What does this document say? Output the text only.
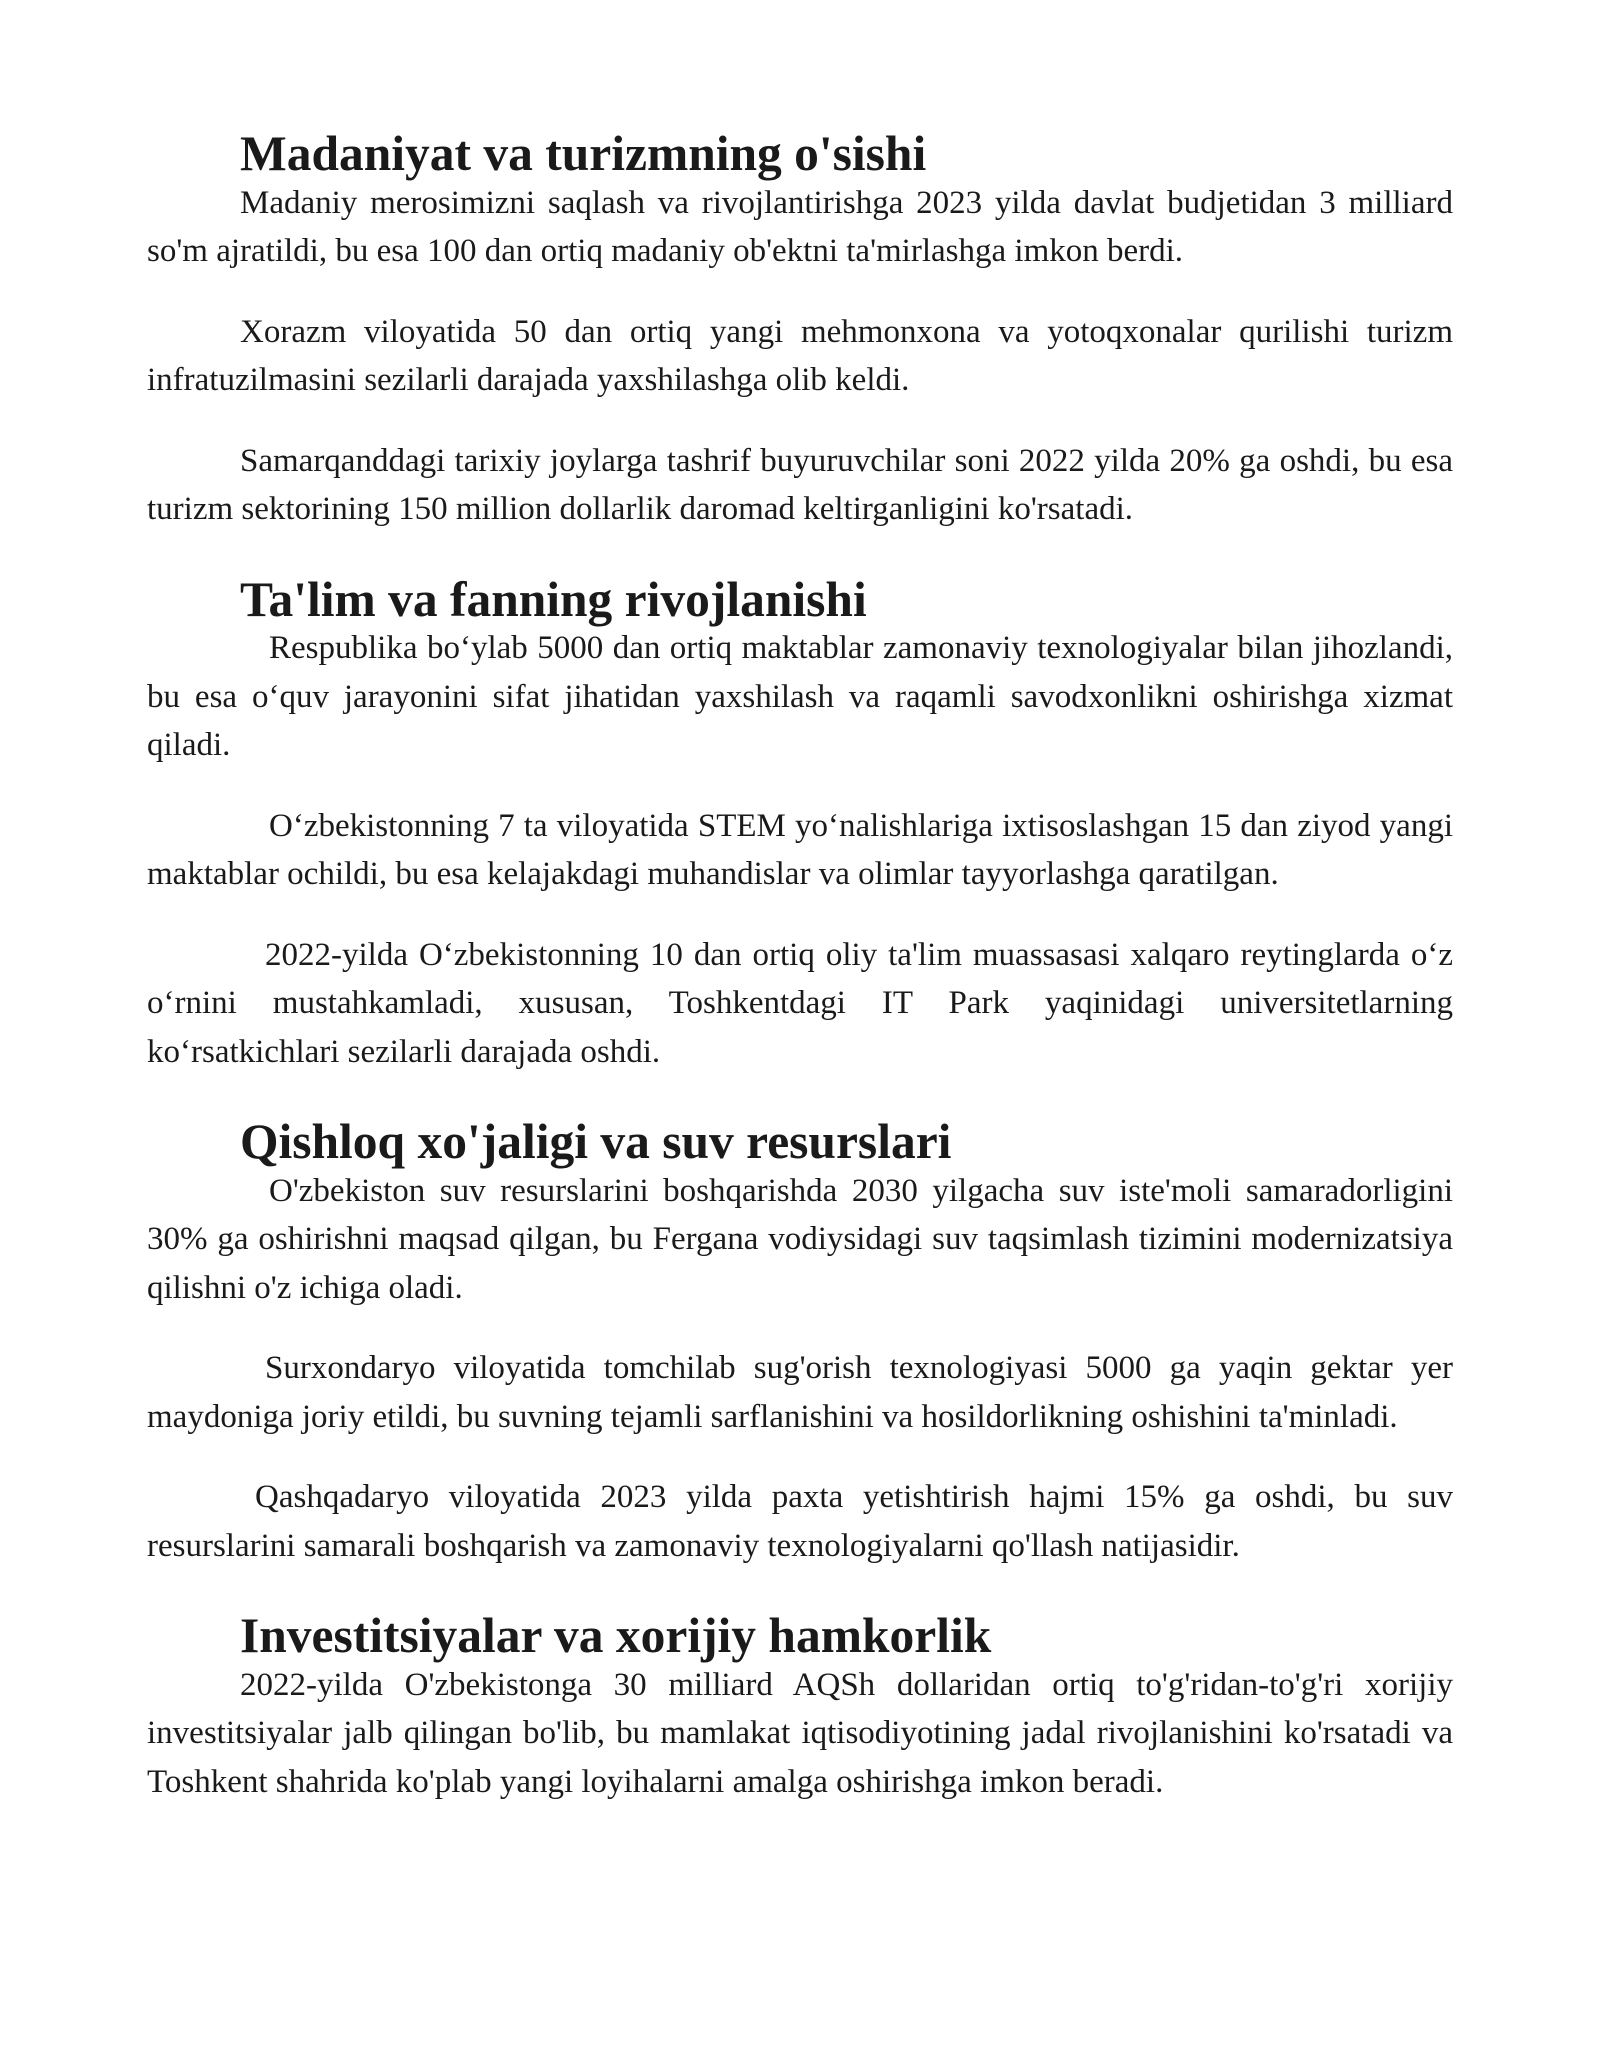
Madaniyat va turizmning o'sishi

Madaniy merosimizni saqlash va rivojlantirishga 2023 yilda davlat budjetidan 3 milliard so'm ajratildi, bu esa 100 dan ortiq madaniy ob'ektni ta'mirlashga imkon berdi.

Xorazm viloyatida 50 dan ortiq yangi mehmonxona va yotoqxonalar qurilishi turizm infratuzilmasini sezilarli darajada yaxshilashga olib keldi.

Samarqanddagi tarixiy joylarga tashrif buyuruvchilar soni 2022 yilda 20% ga oshdi, bu esa turizm sektorining 150 million dollarlik daromad keltirganligini ko'rsatadi.

Ta'lim va fanning rivojlanishi

Respublika bo‘ylab 5000 dan ortiq maktablar zamonaviy texnologiyalar bilan jihozlandi, bu esa o‘quv jarayonini sifat jihatidan yaxshilash va raqamli savodxonlikni oshirishga xizmat qiladi.

O‘zbekistonning 7 ta viloyatida STEM yo‘nalishlariga ixtisoslashgan 15 dan ziyod yangi maktablar ochildi, bu esa kelajakdagi muhandislar va olimlar tayyorlashga qaratilgan.

2022-yilda O‘zbekistonning 10 dan ortiq oliy ta'lim muassasasi xalqaro reytinglarda o‘z o‘rnini mustahkamladi, xususan, Toshkentdagi IT Park yaqinidagi universitetlarning ko‘rsatkichlari sezilarli darajada oshdi.

Qishloq xo'jaligi va suv resurslari

O'zbekiston suv resurslarini boshqarishda 2030 yilgacha suv iste'moli samaradorligini 30% ga oshirishni maqsad qilgan, bu Fergana vodiysidagi suv taqsimlash tizimini modernizatsiya qilishni o'z ichiga oladi.

Surxondaryo viloyatida tomchilab sug'orish texnologiyasi 5000 ga yaqin gektar yer maydoniga joriy etildi, bu suvning tejamli sarflanishini va hosildorlikning oshishini ta'minladi.

Qashqadaryo viloyatida 2023 yilda paxta yetishtirish hajmi 15% ga oshdi, bu suv resurslarini samarali boshqarish va zamonaviy texnologiyalarni qo'llash natijasidir.

Investitsiyalar va xorijiy hamkorlik

2022-yilda O'zbekistonga 30 milliard AQSh dollaridan ortiq to'g'ridan-to'g'ri xorijiy investitsiyalar jalb qilingan bo'lib, bu mamlakat iqtisodiyotining jadal rivojlanishini ko'rsatadi va Toshkent shahrida ko'plab yangi loyihalarni amalga oshirishga imkon beradi.
